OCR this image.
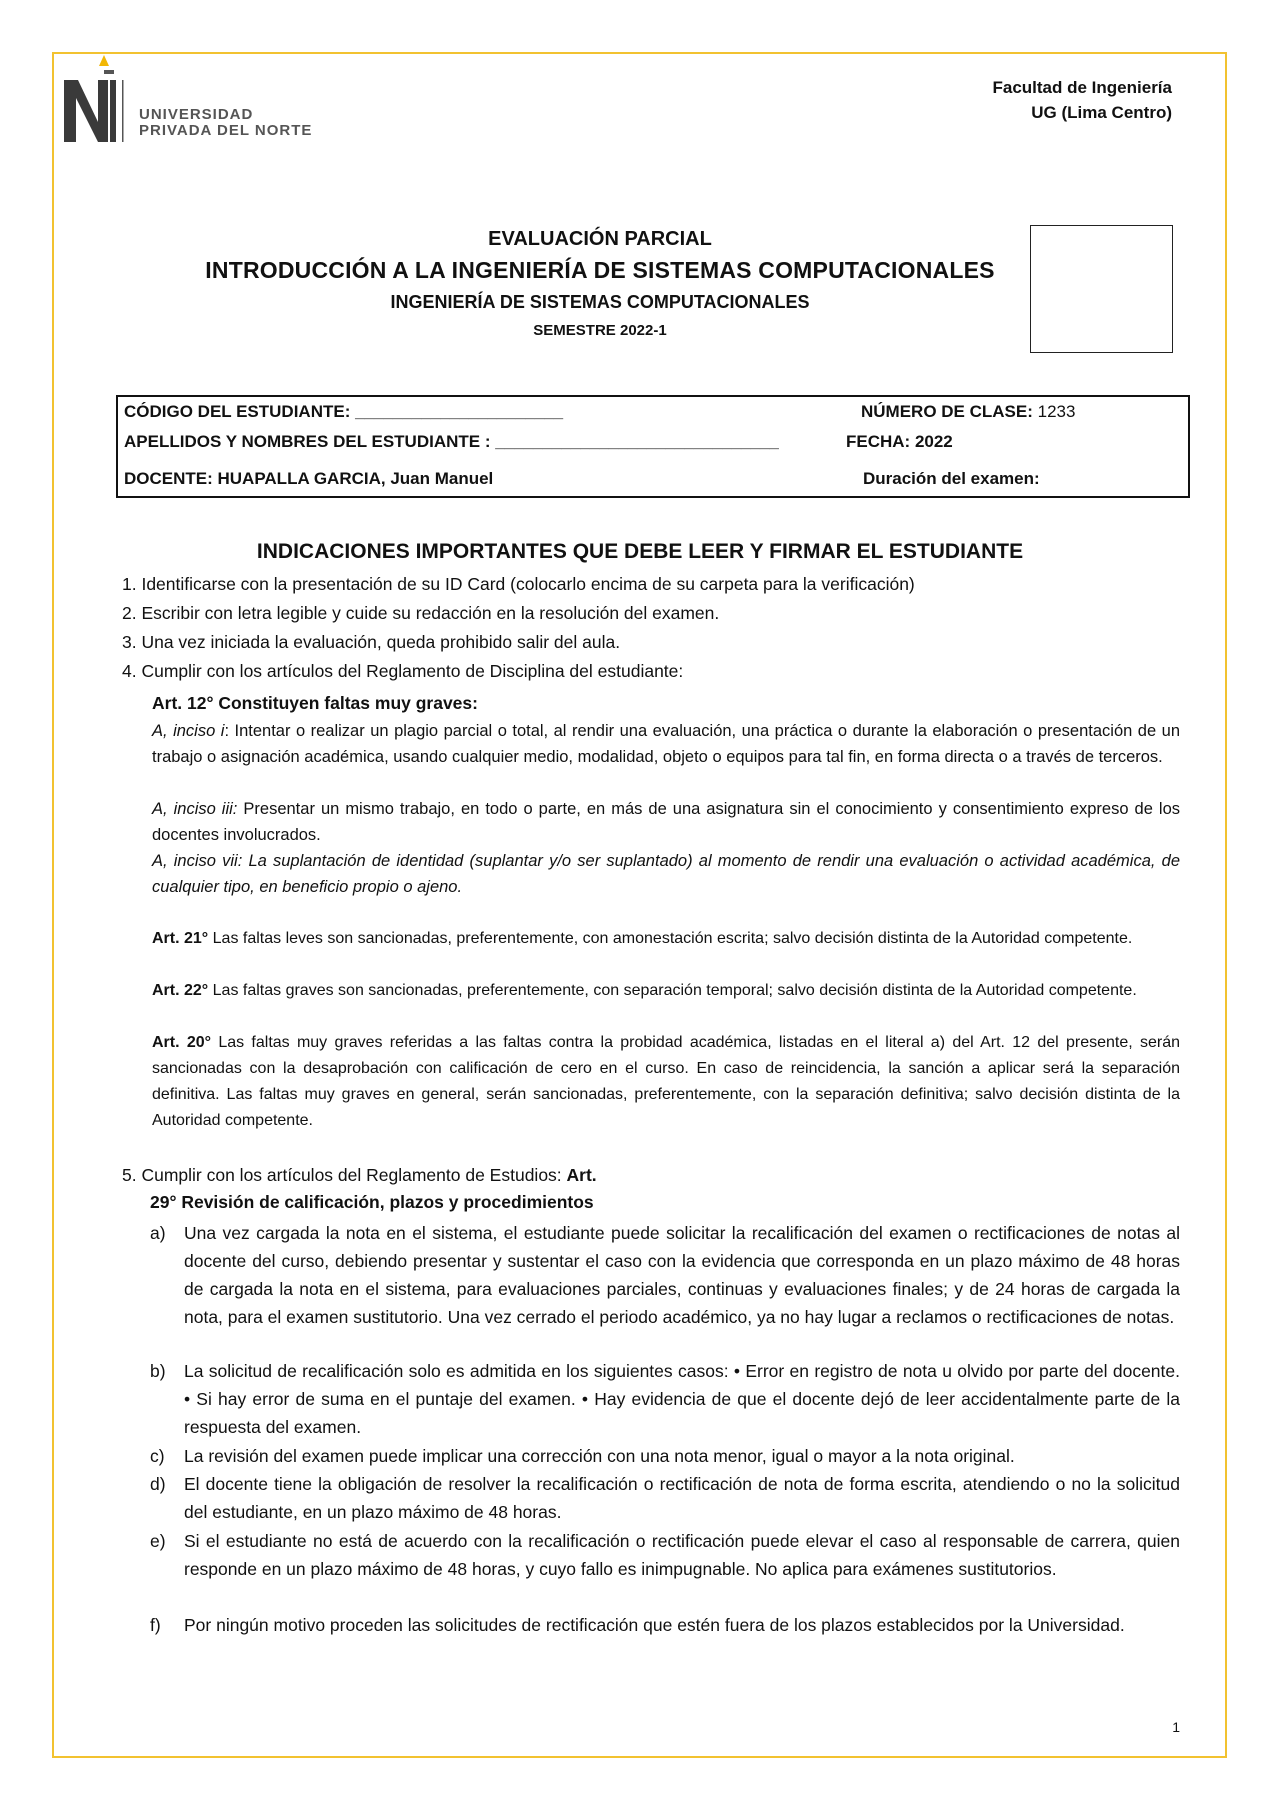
UNIVERSIDAD
PRIVADA DEL NORTE
Facultad de Ingeniería
UG (Lima Centro)
EVALUACIÓN PARCIAL
INTRODUCCIÓN A LA INGENIERÍA DE SISTEMAS COMPUTACIONALES
INGENIERÍA DE SISTEMAS COMPUTACIONALES
SEMESTRE 2022-1
CÓDIGO DEL ESTUDIANTE: ______________________	NÚMERO DE CLASE: 1233
APELLIDOS Y NOMBRES DEL ESTUDIANTE : ______________________________	FECHA: 2022
DOCENTE: HUAPALLA GARCIA, Juan Manuel	Duración del examen:
INDICACIONES IMPORTANTES QUE DEBE LEER Y FIRMAR EL ESTUDIANTE
1. Identificarse con la presentación de su ID Card (colocarlo encima de su carpeta para la verificación)
2. Escribir con letra legible y cuide su redacción en la resolución del examen.
3. Una vez iniciada la evaluación, queda prohibido salir del aula.
4. Cumplir con los artículos del Reglamento de Disciplina del estudiante:
Art. 12° Constituyen faltas muy graves:
A, inciso i: Intentar o realizar un plagio parcial o total, al rendir una evaluación, una práctica o durante la elaboración o presentación de un trabajo o asignación académica, usando cualquier medio, modalidad, objeto o equipos para tal fin, en forma directa o a través de terceros.
A, inciso iii: Presentar un mismo trabajo, en todo o parte, en más de una asignatura sin el conocimiento y consentimiento expreso de los docentes involucrados.
A, inciso vii: La suplantación de identidad (suplantar y/o ser suplantado) al momento de rendir una evaluación o actividad académica, de cualquier tipo, en beneficio propio o ajeno.
Art. 21° Las faltas leves son sancionadas, preferentemente, con amonestación escrita; salvo decisión distinta de la Autoridad competente.
Art. 22° Las faltas graves son sancionadas, preferentemente, con separación temporal; salvo decisión distinta de la Autoridad competente.
Art. 20° Las faltas muy graves referidas a las faltas contra la probidad académica, listadas en el literal a) del Art. 12 del presente, serán sancionadas con la desaprobación con calificación de cero en el curso. En caso de reincidencia, la sanción a aplicar será la separación definitiva. Las faltas muy graves en general, serán sancionadas, preferentemente, con la separación definitiva; salvo decisión distinta de la Autoridad competente.
5. Cumplir con los artículos del Reglamento de Estudios: Art.
29° Revisión de calificación, plazos y procedimientos
a)	Una vez cargada la nota en el sistema, el estudiante puede solicitar la recalificación del examen o rectificaciones de notas al docente del curso, debiendo presentar y sustentar el caso con la evidencia que corresponda en un plazo máximo de 48 horas de cargada la nota en el sistema, para evaluaciones parciales, continuas y evaluaciones finales; y de 24 horas de cargada la nota, para el examen sustitutorio. Una vez cerrado el periodo académico, ya no hay lugar a reclamos o rectificaciones de notas.
b)	La solicitud de recalificación solo es admitida en los siguientes casos: • Error en registro de nota u olvido por parte del docente. • Si hay error de suma en el puntaje del examen. • Hay evidencia de que el docente dejó de leer accidentalmente parte de la respuesta del examen.
c)	La revisión del examen puede implicar una corrección con una nota menor, igual o mayor a la nota original.
d)	El docente tiene la obligación de resolver la recalificación o rectificación de nota de forma escrita, atendiendo o no la solicitud del estudiante, en un plazo máximo de 48 horas.
e)	Si el estudiante no está de acuerdo con la recalificación o rectificación puede elevar el caso al responsable de carrera, quien responde en un plazo máximo de 48 horas, y cuyo fallo es inimpugnable. No aplica para exámenes sustitutorios.
f)	Por ningún motivo proceden las solicitudes de rectificación que estén fuera de los plazos establecidos por la Universidad.
1
